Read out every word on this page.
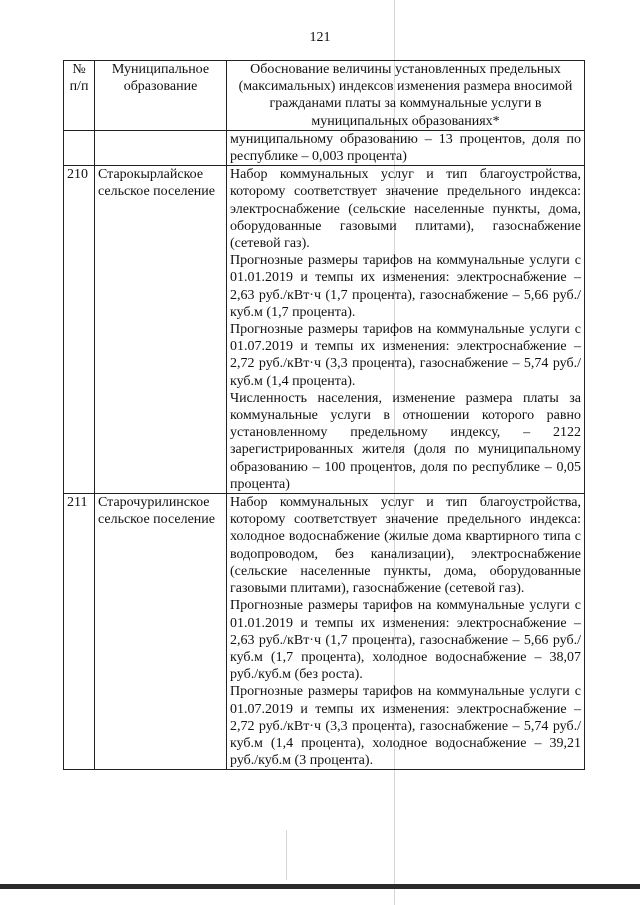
121
№ п/п	Муниципальное образование	Обоснование величины установленных предельных (максимальных) индексов изменения размера вносимой гражданами платы за коммунальные услуги в муниципальных образованиях*
		муниципальному образованию – 13 процентов, доля по республике – 0,003 процента)
210	Старокырлайское сельское поселение	Набор коммунальных услуг и тип благоустройства, которому соответствует значение предельного индекса: электроснабжение (сельские населенные пункты, дома, оборудованные газовыми плитами), газоснабжение (сетевой газ).

Прогнозные размеры тарифов на коммунальные услуги с 01.01.2019 и темпы их изменения: электроснабжение – 2,63 руб./кВт·ч (1,7 процента), газоснабжение – 5,66 руб./куб.м (1,7 процента).

Прогнозные размеры тарифов на коммунальные услуги с 01.07.2019 и темпы их изменения: электроснабжение – 2,72 руб./кВт·ч (3,3 процента), газоснабжение – 5,74 руб./куб.м (1,4 процента).

Численность населения, изменение размера платы за коммунальные услуги в отношении которого равно установленному предельному индексу, – 2122 зарегистрированных жителя (доля по муниципальному образованию – 100 процентов, доля по республике – 0,05 процента)

211	Старочурилинское сельское поселение	Набор коммунальных услуг и тип благоустройства, которому соответствует значение предельного индекса: холодное водоснабжение (жилые дома квартирного типа с водопроводом, без канализации), электроснабжение (сельские населенные пункты, дома, оборудованные газовыми плитами), газоснабжение (сетевой газ).

Прогнозные размеры тарифов на коммунальные услуги с 01.01.2019 и темпы их изменения: электроснабжение – 2,63 руб./кВт·ч (1,7 процента), газоснабжение – 5,66 руб./куб.м (1,7 процента), холодное водоснабжение – 38,07 руб./куб.м (без роста).

Прогнозные размеры тарифов на коммунальные услуги с 01.07.2019 и темпы их изменения: электроснабжение – 2,72 руб./кВт·ч (3,3 процента), газоснабжение – 5,74 руб./куб.м (1,4 процента), холодное водоснабжение – 39,21 руб./куб.м (3 процента).
